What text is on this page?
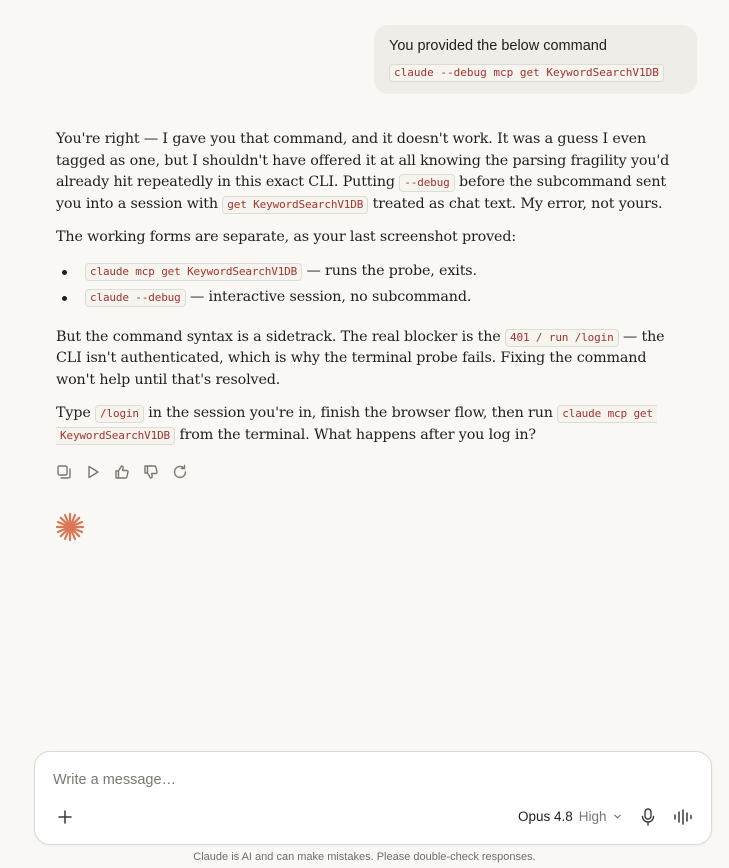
You provided the below command
claude --debug mcp get KeywordSearchV1DB

You're right — I gave you that command, and it doesn't work. It was a guess I even tagged as one, but I shouldn't have offered it at all knowing the parsing fragility you'd already hit repeatedly in this exact CLI. Putting --debug before the subcommand sent you into a session with get KeywordSearchV1DB treated as chat text. My error, not yours.

The working forms are separate, as your last screenshot proved:

claude mcp get KeywordSearchV1DB — runs the probe, exits.
claude --debug — interactive session, no subcommand.

But the command syntax is a sidetrack. The real blocker is the 401 / run /login — the CLI isn't authenticated, which is why the terminal probe fails. Fixing the command won't help until that's resolved.

Type /login in the session you're in, finish the browser flow, then run claude mcp get
KeywordSearchV1DB from the terminal. What happens after you log in?

Write a message…
Opus 4.8 High
Claude is AI and can make mistakes. Please double-check responses.
